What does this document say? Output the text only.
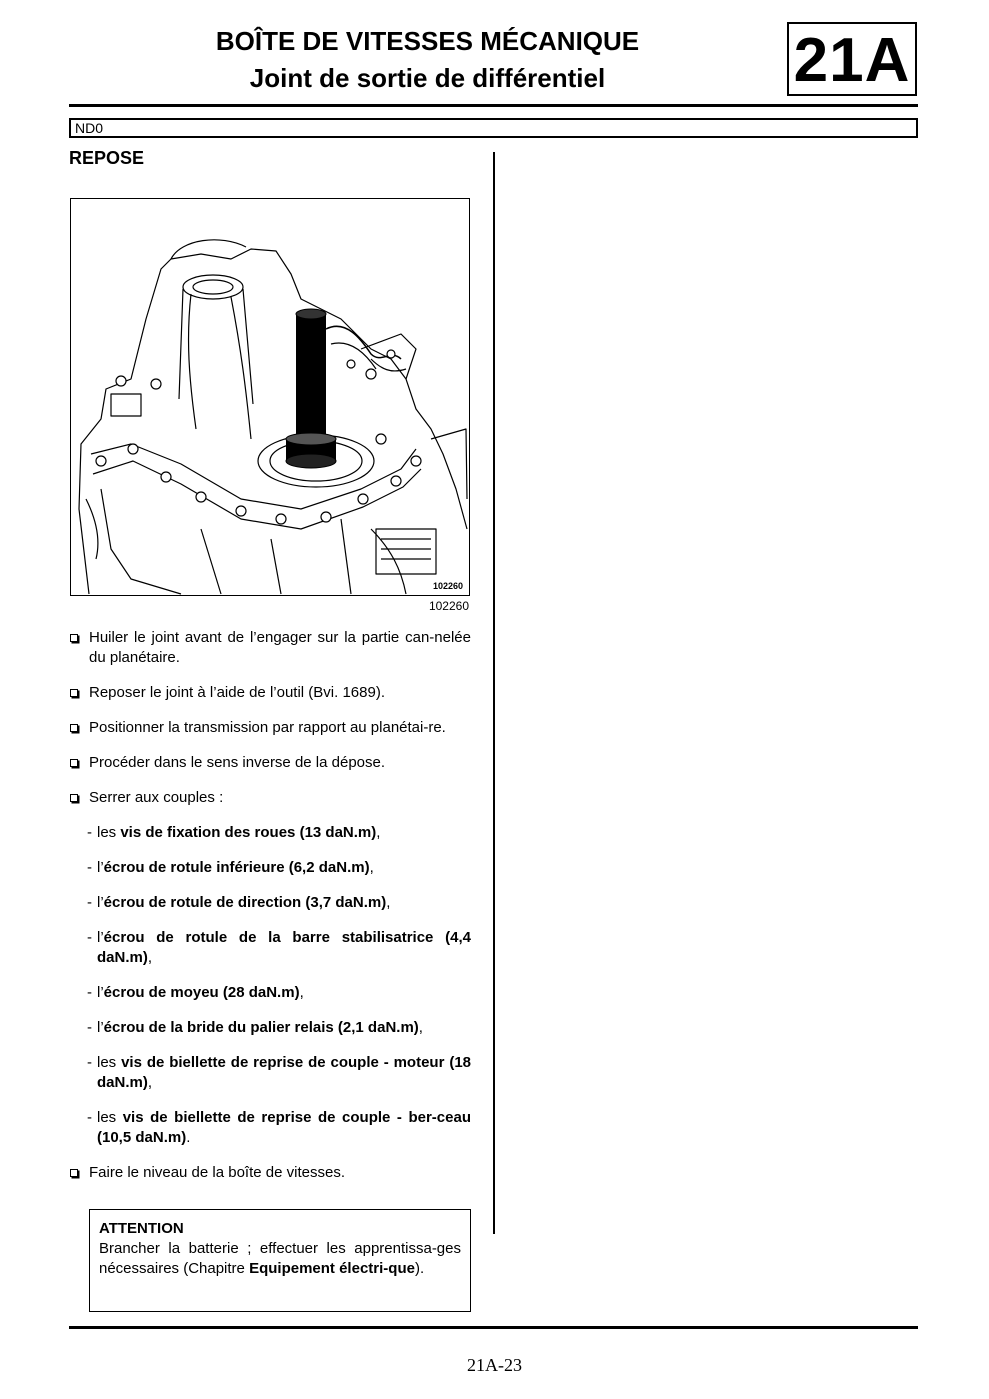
BOÎTE DE VITESSES MÉCANIQUE
Joint de sortie de différentiel	21A
ND0
REPOSE
102260
102260
Huiler le joint avant de l’engager sur la partie can-nelée du planétaire.
Reposer le joint à l’aide de l’outil (Bvi. 1689).
Positionner la transmission par rapport au planétai-re.
Procéder dans le sens inverse de la dépose.
Serrer aux couples :
- les vis de fixation des roues (13 daN.m),
- l’écrou de rotule inférieure (6,2 daN.m),
- l’écrou de rotule de direction (3,7 daN.m),
- l’écrou de rotule de la barre stabilisatrice (4,4 daN.m),
- l’écrou de moyeu (28 daN.m),
- l’écrou de la bride du palier relais (2,1 daN.m),
- les vis de biellette de reprise de couple - moteur (18 daN.m),
- les vis de biellette de reprise de couple - ber-ceau (10,5 daN.m).
Faire le niveau de la boîte de vitesses.
ATTENTION
Brancher la batterie ; effectuer les apprentissa-ges nécessaires (Chapitre Equipement électri-que).
21A-23
